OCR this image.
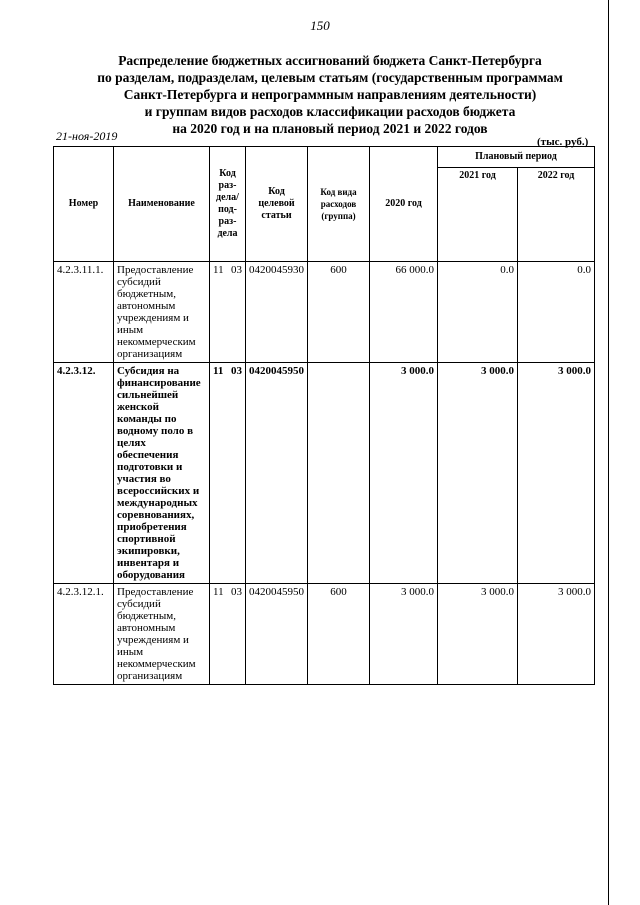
150
Распределение бюджетных ассигнований бюджета Санкт-Петербурга
по разделам, подразделам, целевым статьям (государственным программам
Санкт-Петербурга и непрограммным направлениям деятельности)
и группам видов расходов классификации расходов бюджета
на 2020 год и на плановый период 2021 и 2022 годов
21-ноя-2019	(тыс. руб.)
Номер	Наименование	Код раз- дела/ под- раз- дела	Код целевой статьи	Код вида расходов (группа)	2020 год	Плановый период	
						2021 год	2022 год
4.2.3.11.1.	Предоставление субсидий бюджетным, автономным учреждениям и иным некоммерческим организациям	11 03	0420045930	600	66 000.0	0.0	0.0
4.2.3.12.	Субсидия на финансирование сильнейшей женской команды по водному поло в целях обеспечения подготовки и участия во всероссийских и международных соревнованиях, приобретения спортивной экипировки, инвентаря и оборудования	11 03	0420045950		3 000.0	3 000.0	3 000.0
4.2.3.12.1.	Предоставление субсидий бюджетным, автономным учреждениям и иным некоммерческим организациям	11 03	0420045950	600	3 000.0	3 000.0	3 000.0
